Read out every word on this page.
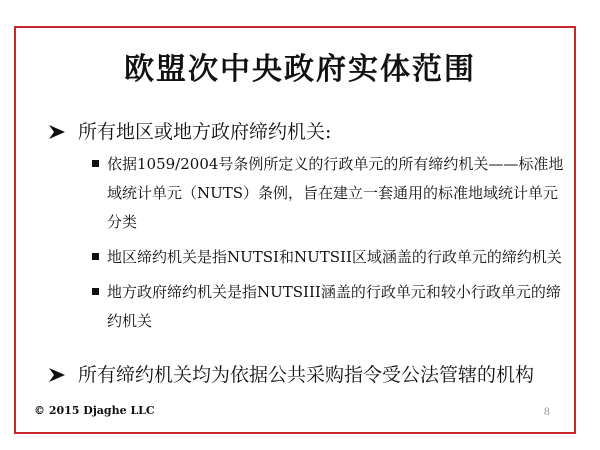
欧盟次中央政府实体范围
所有地区或地方政府缔约机关:
依据1059/2004号条例所定义的行政单元的所有缔约机关——标准地域统计单元（NUTS）条例，旨在建立一套通用的标准地域统计单元分类
地区缔约机关是指NUTSI和NUTSII区域涵盖的行政单元的缔约机关
地方政府缔约机关是指NUTSIII涵盖的行政单元和较小行政单元的缔约机关
所有缔约机关均为依据公共采购指令受公法管辖的机构
© 2015 Djaghe LLC	8
